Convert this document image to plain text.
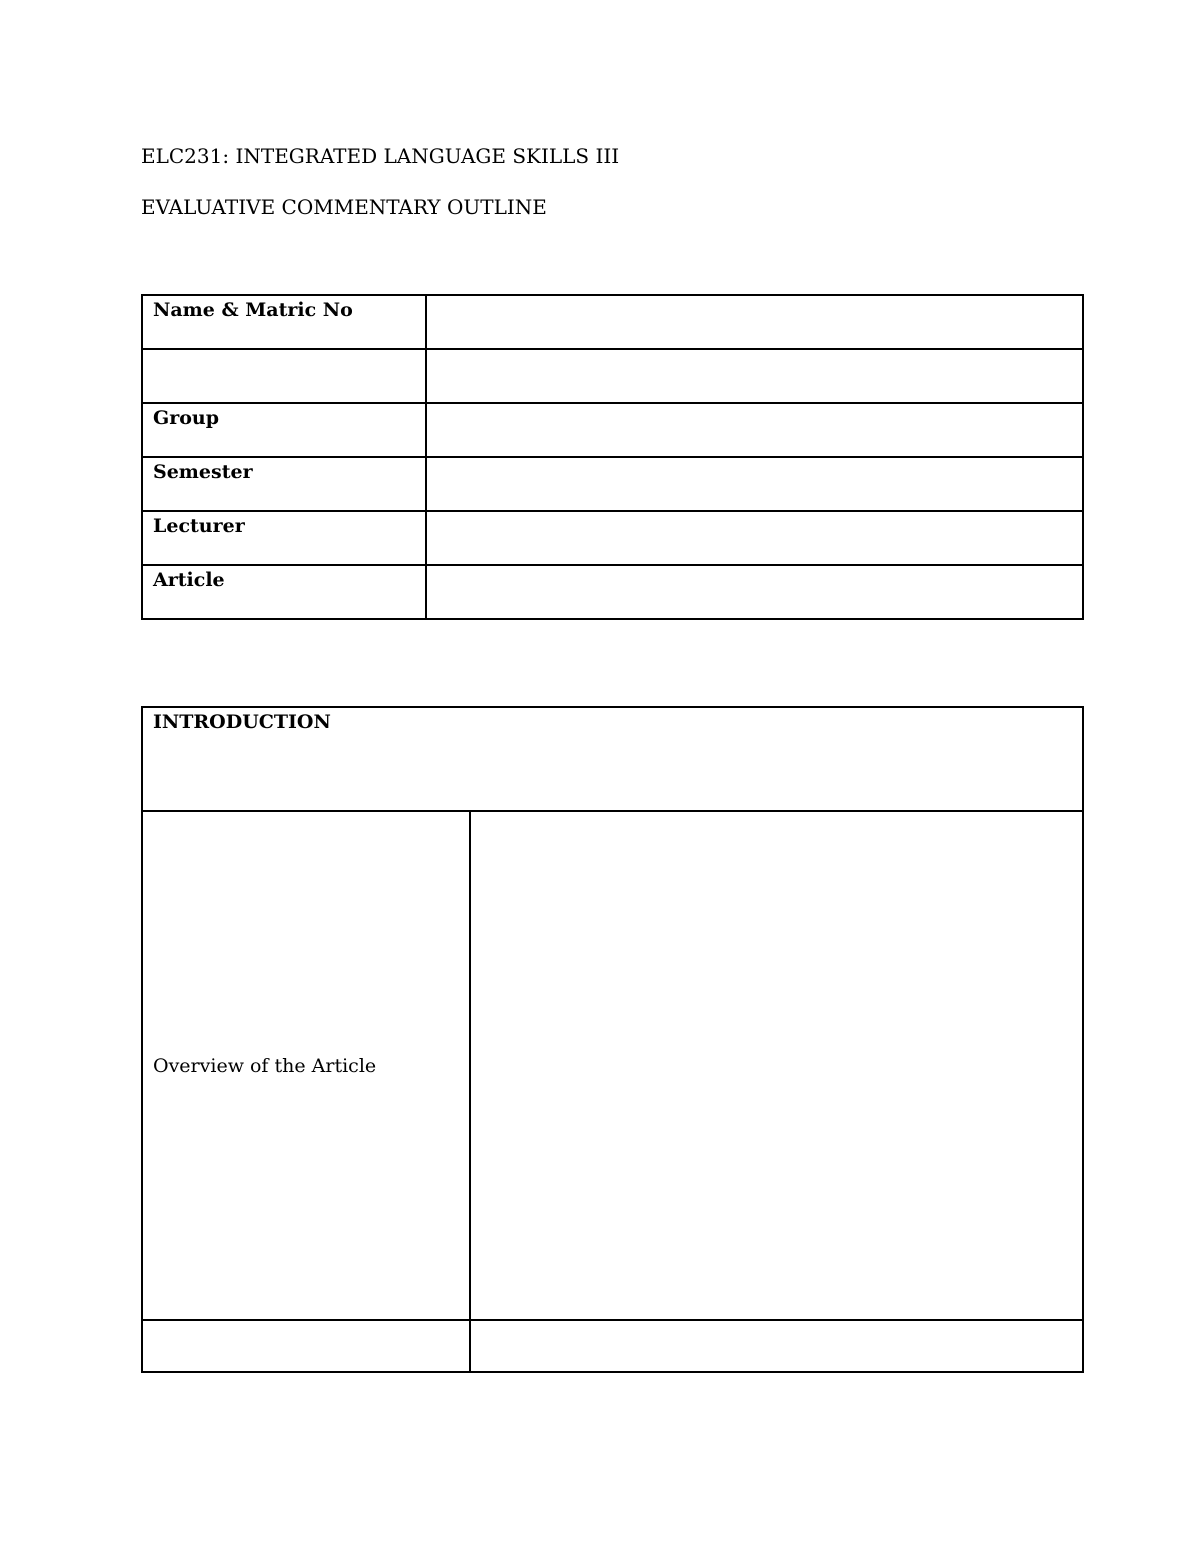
ELC231: INTEGRATED LANGUAGE SKILLS III
EVALUATIVE COMMENTARY OUTLINE
Name & Matric No	

Group	
Semester	
Lecturer	
Article	
INTRODUCTION	
Overview of the Article	
